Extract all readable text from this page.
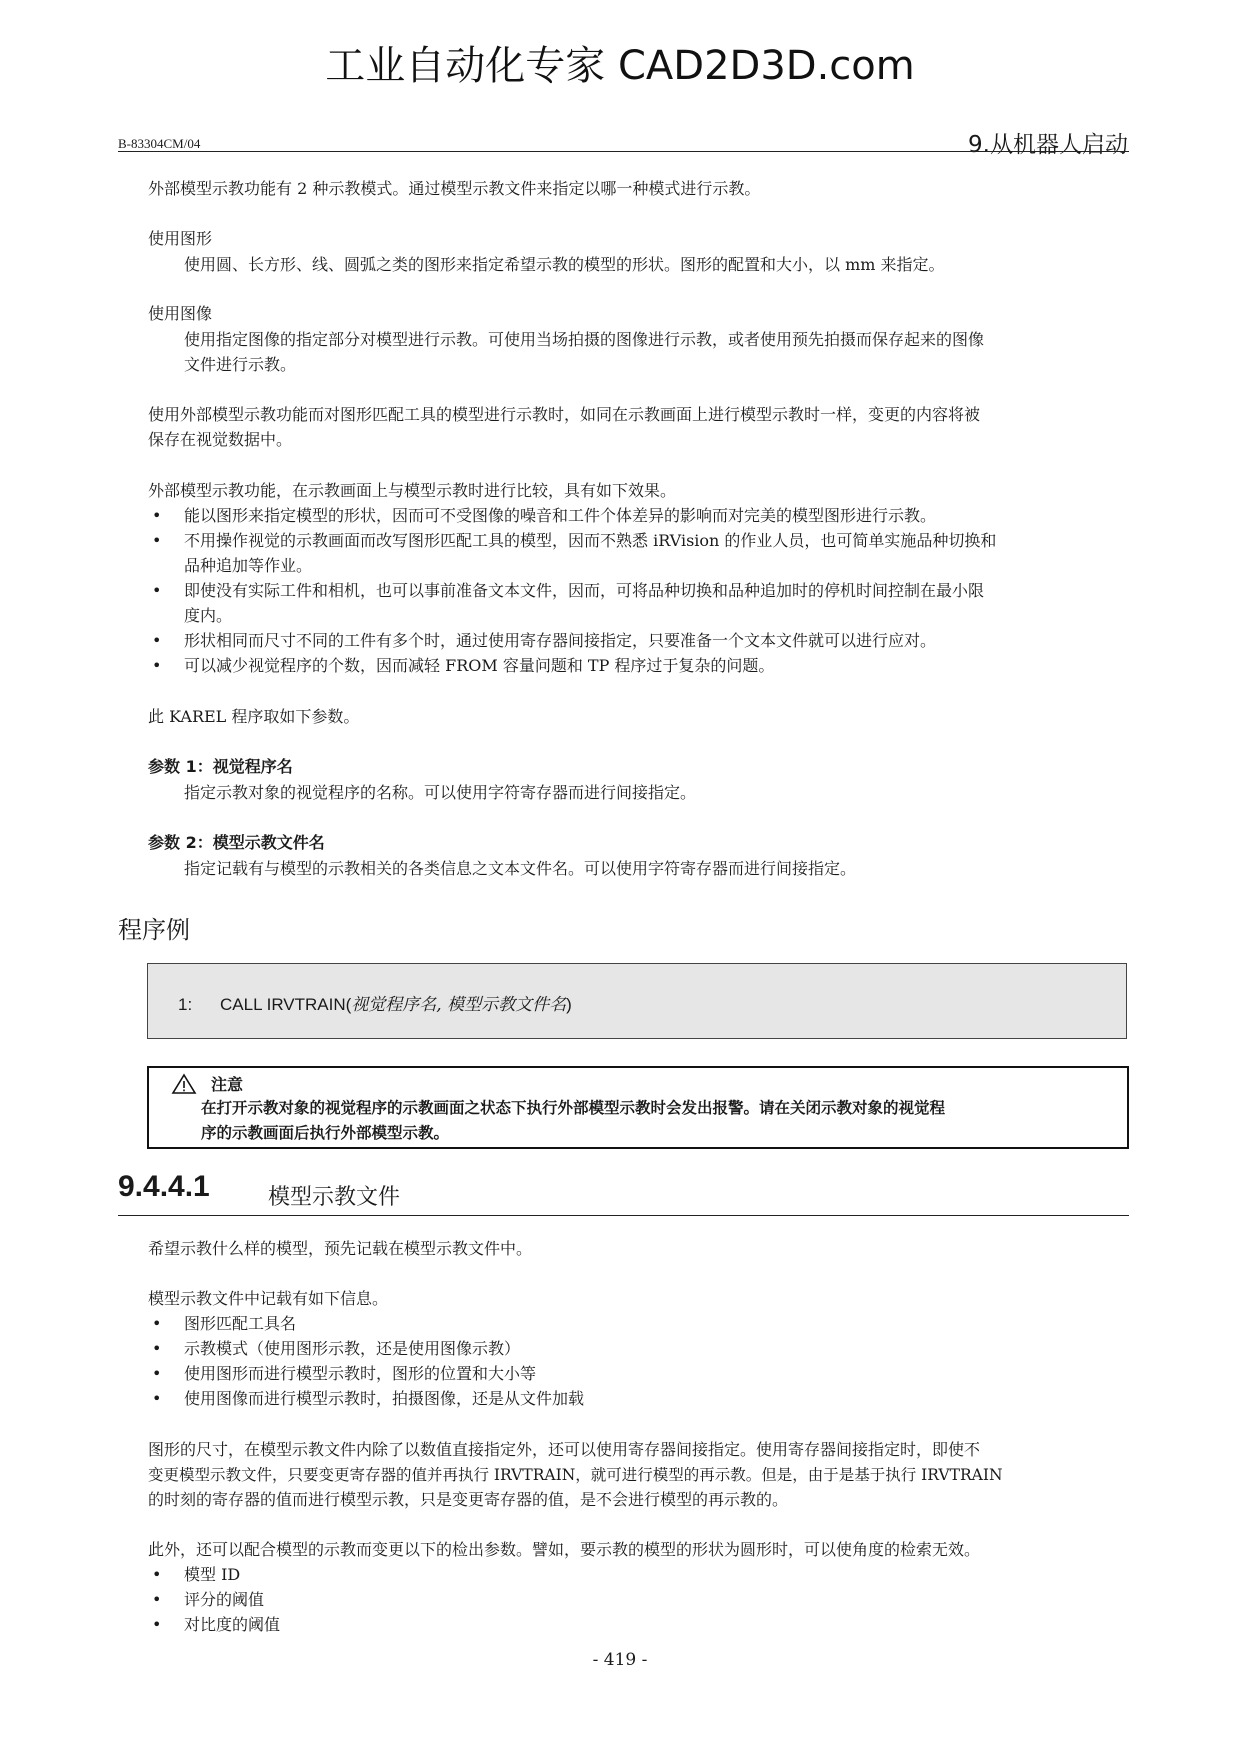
工业自动化专家 CAD2D3D.com
B-83304CM/04	9.从机器人启动
外部模型示教功能有 2 种示教模式。通过模型示教文件来指定以哪一种模式进行示教。
使用图形
使用圆、长方形、线、圆弧之类的图形来指定希望示教的模型的形状。图形的配置和大小，以 mm 来指定。
使用图像
使用指定图像的指定部分对模型进行示教。可使用当场拍摄的图像进行示教，或者使用预先拍摄而保存起来的图像
文件进行示教。
使用外部模型示教功能而对图形匹配工具的模型进行示教时，如同在示教画面上进行模型示教时一样，变更的内容将被
保存在视觉数据中。
外部模型示教功能，在示教画面上与模型示教时进行比较，具有如下效果。
• 能以图形来指定模型的形状，因而可不受图像的噪音和工件个体差异的影响而对完美的模型图形进行示教。
• 不用操作视觉的示教画面而改写图形匹配工具的模型，因而不熟悉 iRVision 的作业人员，也可简单实施品种切换和
品种追加等作业。
• 即使没有实际工件和相机，也可以事前准备文本文件，因而，可将品种切换和品种追加时的停机时间控制在最小限
度内。
• 形状相同而尺寸不同的工件有多个时，通过使用寄存器间接指定，只要准备一个文本文件就可以进行应对。
• 可以减少视觉程序的个数，因而减轻 FROM 容量问题和 TP 程序过于复杂的问题。
此 KAREL 程序取如下参数。
参数 1：视觉程序名
指定示教对象的视觉程序的名称。可以使用字符寄存器而进行间接指定。
参数 2：模型示教文件名
指定记载有与模型的示教相关的各类信息之文本文件名。可以使用字符寄存器而进行间接指定。
程序例
1: CALL IRVTRAIN(视觉程序名, 模型示教文件名)
注意
在打开示教对象的视觉程序的示教画面之状态下执行外部模型示教时会发出报警。请在关闭示教对象的视觉程
序的示教画面后执行外部模型示教。
9.4.4.1	模型示教文件
希望示教什么样的模型，预先记载在模型示教文件中。
模型示教文件中记载有如下信息。
• 图形匹配工具名
• 示教模式（使用图形示教，还是使用图像示教）
• 使用图形而进行模型示教时，图形的位置和大小等
• 使用图像而进行模型示教时，拍摄图像，还是从文件加载
图形的尺寸，在模型示教文件内除了以数值直接指定外，还可以使用寄存器间接指定。使用寄存器间接指定时，即使不
变更模型示教文件，只要变更寄存器的值并再执行 IRVTRAIN，就可进行模型的再示教。但是，由于是基于执行 IRVTRAIN
的时刻的寄存器的值而进行模型示教，只是变更寄存器的值，是不会进行模型的再示教的。
此外，还可以配合模型的示教而变更以下的检出参数。譬如，要示教的模型的形状为圆形时，可以使角度的检索无效。
• 模型 ID
• 评分的阈值
• 对比度的阈值
- 419 -
